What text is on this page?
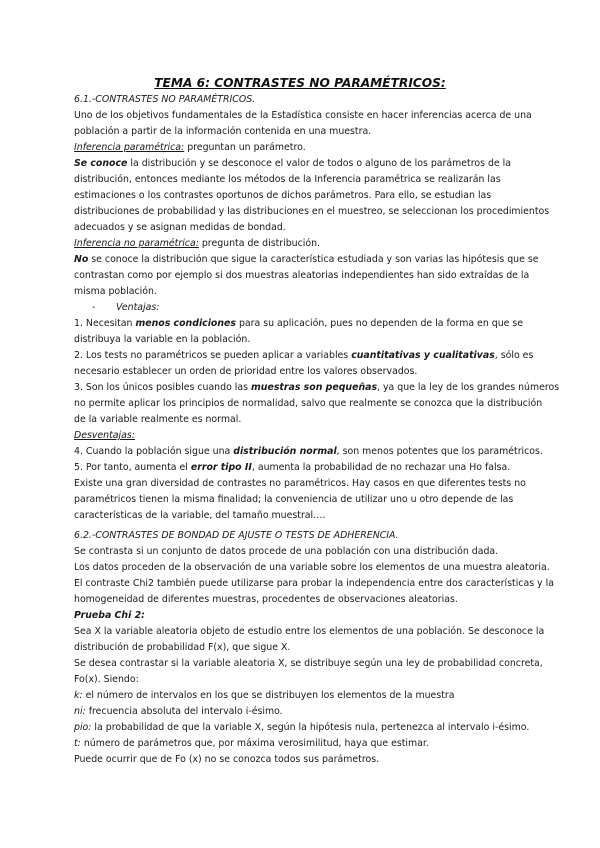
TEMA 6: CONTRASTES NO PARAMÉTRICOS:
6.1.-CONTRASTES NO PARAMÉTRICOS.
Uno de los objetivos fundamentales de la Estadística consiste en hacer inferencias acerca de una
población a partir de la información contenida en una muestra.
Inferencia paramétrica: preguntan un parámetro.
Se conoce la distribución y se desconoce el valor de todos o alguno de los parámetros de la
distribución, entonces mediante los métodos de la Inferencia paramétrica se realizarán las
estimaciones o los contrastes oportunos de dichos parámetros. Para ello, se estudian las
distribuciones de probabilidad y las distribuciones en el muestreo, se seleccionan los procedimientos
adecuados y se asignan medidas de bondad.
Inferencia no paramétrica: pregunta de distribución.
No se conoce la distribución que sigue la característica estudiada y son varias las hipótesis que se
contrastan como por ejemplo si dos muestras aleatorias independientes han sido extraídas de la
misma población.
- Ventajas:
1. Necesitan menos condiciones para su aplicación, pues no dependen de la forma en que se
distribuya la variable en la población.
2. Los tests no paramétricos se pueden aplicar a variables cuantitativas y cualitativas, sólo es
necesario establecer un orden de prioridad entre los valores observados.
3. Son los únicos posibles cuando las muestras son pequeñas, ya que la ley de los grandes números
no permite aplicar los principios de normalidad, salvo que realmente se conozca que la distribución
de la variable realmente es normal.
Desventajas:
4. Cuando la población sigue una distribución normal, son menos potentes que los paramétricos.
5. Por tanto, aumenta el error tipo II, aumenta la probabilidad de no rechazar una Ho falsa.
Existe una gran diversidad de contrastes no paramétricos. Hay casos en que diferentes tests no
paramétricos tienen la misma finalidad; la conveniencia de utilizar uno u otro depende de las
características de la variable, del tamaño muestral….
6.2.-CONTRASTES DE BONDAD DE AJUSTE O TESTS DE ADHERENCIA.
Se contrasta si un conjunto de datos procede de una población con una distribución dada.
Los datos proceden de la observación de una variable sobre los elementos de una muestra aleatoria.
El contraste Chi2 también puede utilizarse para probar la independencia entre dos características y la
homogeneidad de diferentes muestras, procedentes de observaciones aleatorias.
Prueba Chi 2:
Sea X la variable aleatoria objeto de estudio entre los elementos de una población. Se desconoce la
distribución de probabilidad F(x), que sigue X.
Se desea contrastar si la variable aleatoria X, se distribuye según una ley de probabilidad concreta,
Fo(x). Siendo:
k: el número de intervalos en los que se distribuyen los elementos de la muestra
ni: frecuencia absoluta del intervalo i-ésimo.
pio: la probabilidad de que la variable X, según la hipótesis nula, pertenezca al intervalo i-ésimo.
t: número de parámetros que, por máxima verosimilitud, haya que estimar.
Puede ocurrir que de Fo (x) no se conozca todos sus parámetros.
